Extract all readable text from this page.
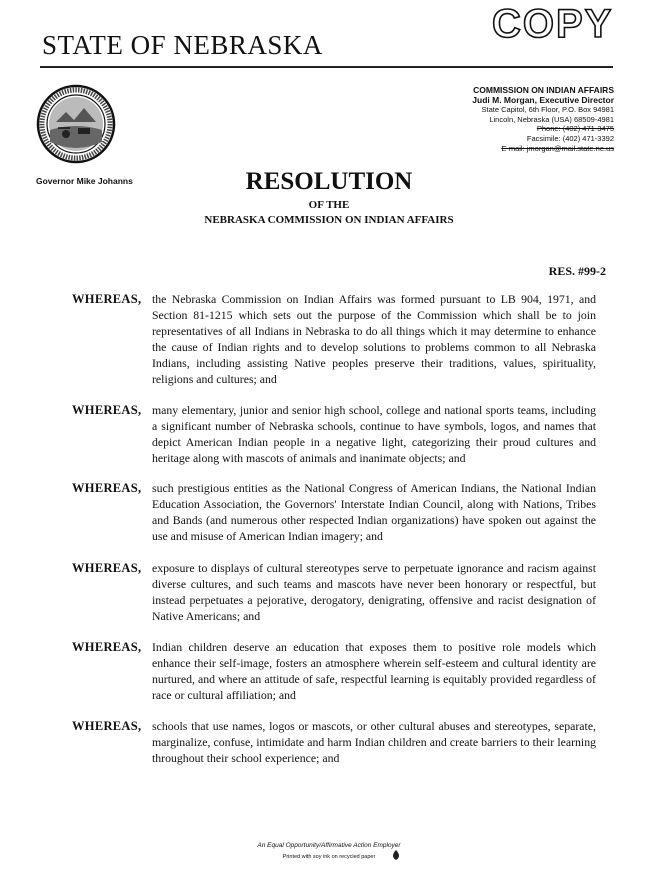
STATE OF NEBRASKA	COPY
Governor Mike Johanns
COMMISSION ON INDIAN AFFAIRS
Judi M. Morgan, Executive Director
State Capitol, 6th Floor, P.O. Box 94981
Lincoln, Nebraska (USA) 68509-4981
Phone: (402) 471-3475
Facsimile: (402) 471-3392
E-mail: jmorgan@mail.state.ne.us
RESOLUTION
OF THE
NEBRASKA COMMISSION ON INDIAN AFFAIRS
RES. #99-2
WHEREAS, the Nebraska Commission on Indian Affairs was formed pursuant to LB 904, 1971, and Section 81-1215 which sets out the purpose of the Commission which shall be to join representatives of all Indians in Nebraska to do all things which it may determine to enhance the cause of Indian rights and to develop solutions to problems common to all Nebraska Indians, including assisting Native peoples preserve their traditions, values, spirituality, religions and cultures; and
WHEREAS, many elementary, junior and senior high school, college and national sports teams, including a significant number of Nebraska schools, continue to have symbols, logos, and names that depict American Indian people in a negative light, categorizing their proud cultures and heritage along with mascots of animals and inanimate objects; and
WHEREAS, such prestigious entities as the National Congress of American Indians, the National Indian Education Association, the Governors' Interstate Indian Council, along with Nations, Tribes and Bands (and numerous other respected Indian organizations) have spoken out against the use and misuse of American Indian imagery; and
WHEREAS, exposure to displays of cultural stereotypes serve to perpetuate ignorance and racism against diverse cultures, and such teams and mascots have never been honorary or respectful, but instead perpetuates a pejorative, derogatory, denigrating, offensive and racist designation of Native Americans; and
WHEREAS, Indian children deserve an education that exposes them to positive role models which enhance their self-image, fosters an atmosphere wherein self-esteem and cultural identity are nurtured, and where an attitude of safe, respectful learning is equitably provided regardless of race or cultural affiliation; and
WHEREAS, schools that use names, logos or mascots, or other cultural abuses and stereotypes, separate, marginalize, confuse, intimidate and harm Indian children and create barriers to their learning throughout their school experience; and
An Equal Opportunity/Affirmative Action Employer
Printed with soy ink on recycled paper
